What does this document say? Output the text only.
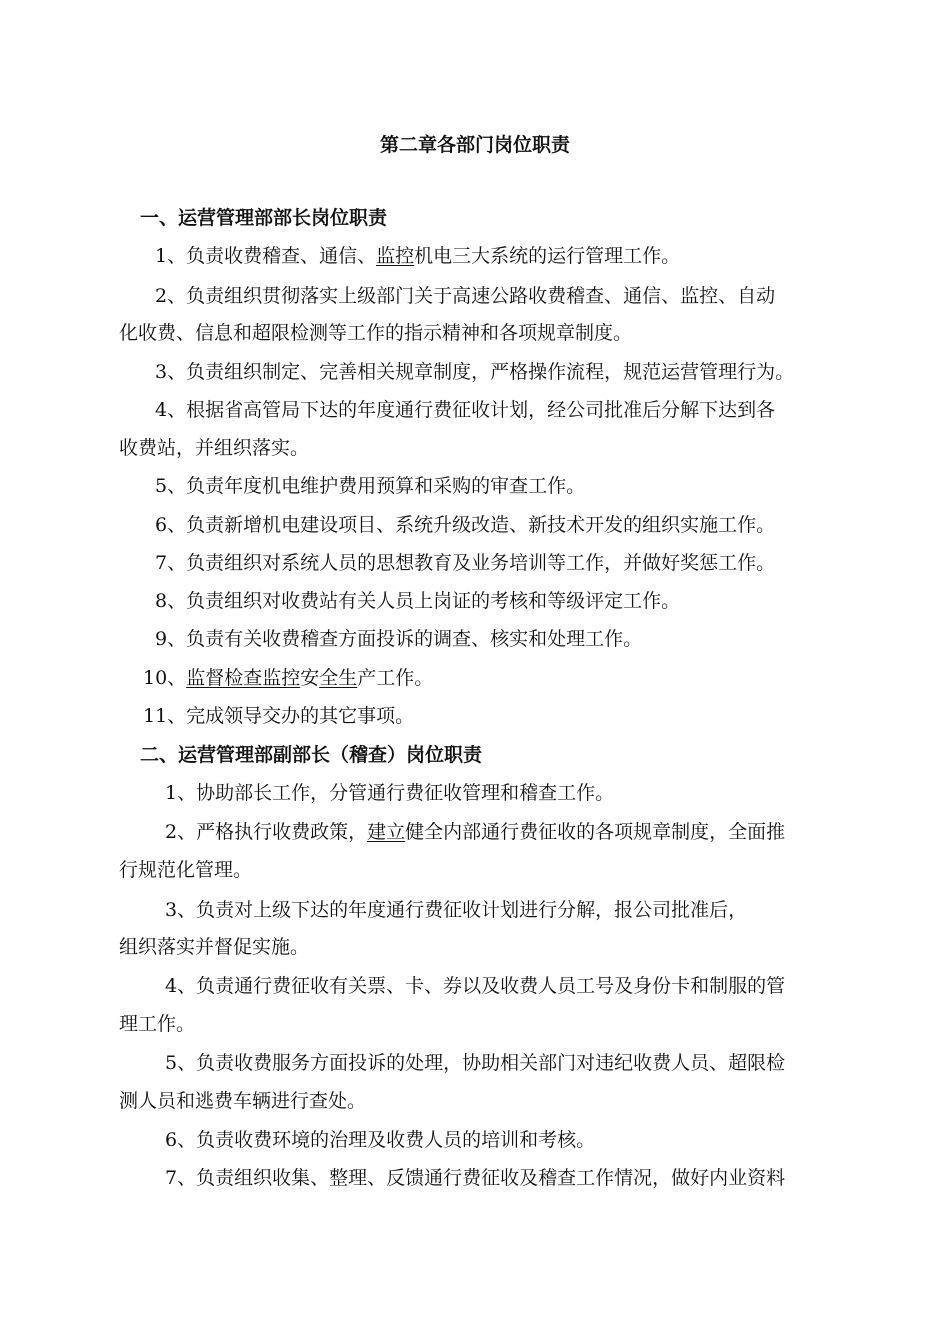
第二章各部门岗位职责
一、运营管理部部长岗位职责
1、负责收费稽查、通信、监控机电三大系统的运行管理工作。
2、负责组织贯彻落实上级部门关于高速公路收费稽查、通信、监控、自动
化收费、信息和超限检测等工作的指示精神和各项规章制度。
3、负责组织制定、完善相关规章制度，严格操作流程，规范运营管理行为。
4、根据省高管局下达的年度通行费征收计划，经公司批准后分解下达到各
收费站，并组织落实。
5、负责年度机电维护费用预算和采购的审查工作。
6、负责新增机电建设项目、系统升级改造、新技术开发的组织实施工作。
7、负责组织对系统人员的思想教育及业务培训等工作，并做好奖惩工作。
8、负责组织对收费站有关人员上岗证的考核和等级评定工作。
9、负责有关收费稽查方面投诉的调查、核实和处理工作。
10、监督检查监控安全生产工作。
11、完成领导交办的其它事项。
二、运营管理部副部长（稽查）岗位职责
1、协助部长工作，分管通行费征收管理和稽查工作。
2、严格执行收费政策，建立健全内部通行费征收的各项规章制度，全面推
行规范化管理。
3、负责对上级下达的年度通行费征收计划进行分解，报公司批准后，
组织落实并督促实施。
4、负责通行费征收有关票、卡、券以及收费人员工号及身份卡和制服的管
理工作。
5、负责收费服务方面投诉的处理，协助相关部门对违纪收费人员、超限检
测人员和逃费车辆进行查处。
6、负责收费环境的治理及收费人员的培训和考核。
7、负责组织收集、整理、反馈通行费征收及稽查工作情况，做好内业资料
